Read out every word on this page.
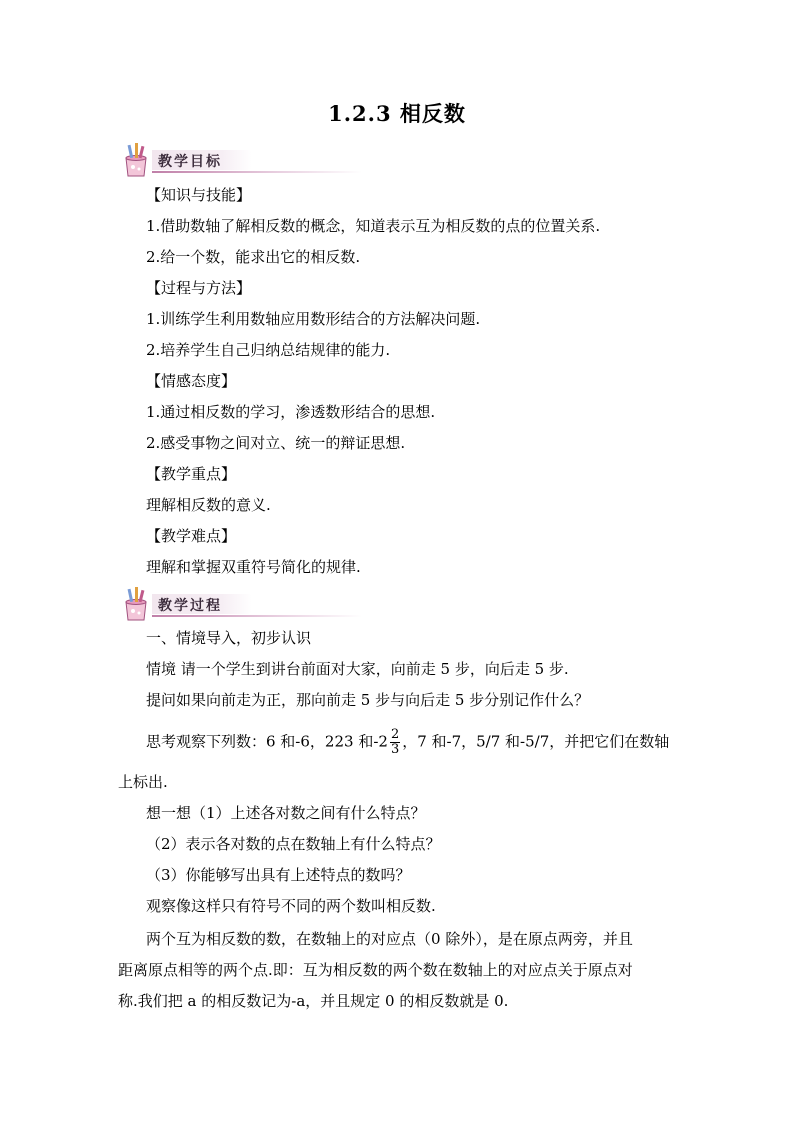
1.2.3 相反数
教学目标
【知识与技能】
1.借助数轴了解相反数的概念，知道表示互为相反数的点的位置关系.
2.给一个数，能求出它的相反数.
【过程与方法】
1.训练学生利用数轴应用数形结合的方法解决问题.
2.培养学生自己归纳总结规律的能力.
【情感态度】
1.通过相反数的学习，渗透数形结合的思想.
2.感受事物之间对立、统一的辩证思想.
【教学重点】
理解相反数的意义.
【教学难点】
理解和掌握双重符号简化的规律.
教学过程
一、情境导入，初步认识
情境 请一个学生到讲台前面对大家，向前走 5 步，向后走 5 步.
提问如果向前走为正，那向前走 5 步与向后走 5 步分别记作什么？
思考观察下列数：6 和-6，223 和$-2 \frac{2}{3}$ ，7 和-7，5/7 和-5/7，并把它们在数轴
上标出.
想一想（1）上述各对数之间有什么特点？
（2）表示各对数的点在数轴上有什么特点？
（3）你能够写出具有上述特点的数吗？
观察像这样只有符号不同的两个数叫相反数.
两个互为相反数的数，在数轴上的对应点（0 除外），是在原点两旁，并且
距离原点相等的两个点.即：互为相反数的两个数在数轴上的对应点关于原点对
称.我们把 a 的相反数记为-a，并且规定 0 的相反数就是 0.
